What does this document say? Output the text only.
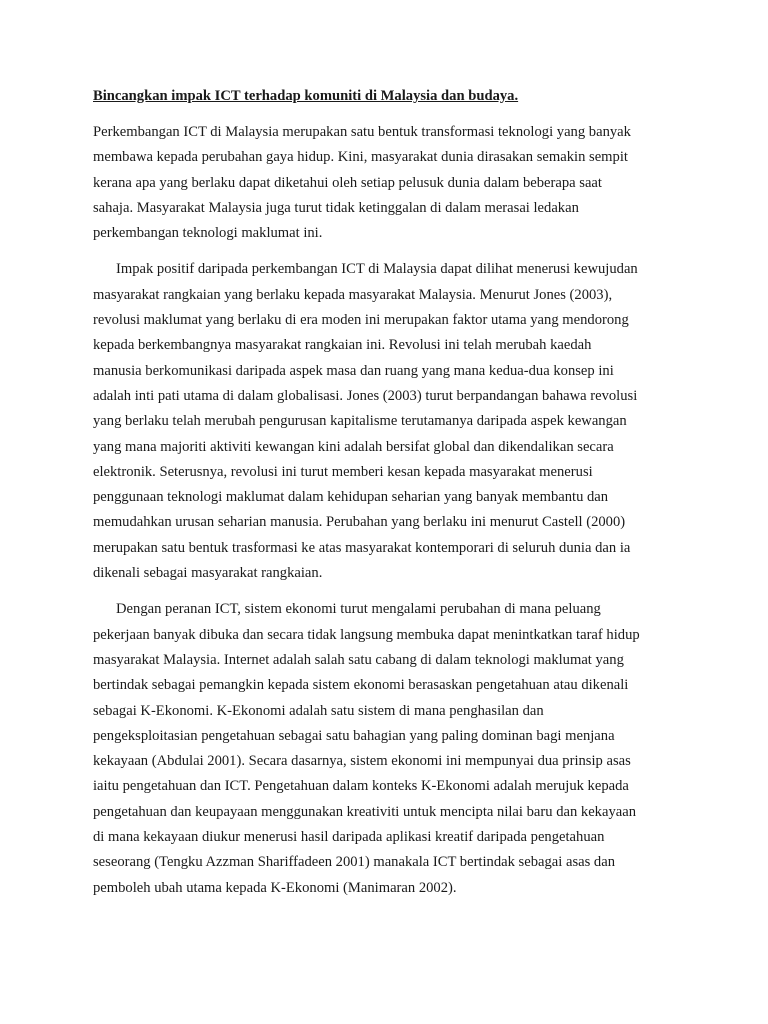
Bincangkan impak ICT terhadap komuniti di Malaysia dan budaya.
Perkembangan ICT di Malaysia merupakan satu bentuk transformasi teknologi yang banyak
membawa kepada perubahan gaya hidup. Kini, masyarakat dunia dirasakan semakin sempit
kerana apa yang berlaku dapat diketahui oleh setiap pelusuk dunia dalam beberapa saat
sahaja. Masyarakat Malaysia juga turut tidak ketinggalan di dalam merasai ledakan
perkembangan teknologi maklumat ini.
Impak positif daripada perkembangan ICT di Malaysia dapat dilihat menerusi kewujudan
masyarakat rangkaian yang berlaku kepada masyarakat Malaysia. Menurut Jones (2003),
revolusi maklumat yang berlaku di era moden ini merupakan faktor utama yang mendorong
kepada berkembangnya masyarakat rangkaian ini. Revolusi ini telah merubah kaedah
manusia berkomunikasi daripada aspek masa dan ruang yang mana kedua-dua konsep ini
adalah inti pati utama di dalam globalisasi. Jones (2003) turut berpandangan bahawa revolusi
yang berlaku telah merubah pengurusan kapitalisme terutamanya daripada aspek kewangan
yang mana majoriti aktiviti kewangan kini adalah bersifat global dan dikendalikan secara
elektronik. Seterusnya, revolusi ini turut memberi kesan kepada masyarakat menerusi
penggunaan teknologi maklumat dalam kehidupan seharian yang banyak membantu dan
memudahkan urusan seharian manusia. Perubahan yang berlaku ini menurut Castell (2000)
merupakan satu bentuk trasformasi ke atas masyarakat kontemporari di seluruh dunia dan ia
dikenali sebagai masyarakat rangkaian.
Dengan peranan ICT, sistem ekonomi turut mengalami perubahan di mana peluang
pekerjaan banyak dibuka dan secara tidak langsung membuka dapat menintkatkan taraf hidup
masyarakat Malaysia. Internet adalah salah satu cabang di dalam teknologi maklumat yang
bertindak sebagai pemangkin kepada sistem ekonomi berasaskan pengetahuan atau dikenali
sebagai K-Ekonomi. K-Ekonomi adalah satu sistem di mana penghasilan dan
pengeksploitasian pengetahuan sebagai satu bahagian yang paling dominan bagi menjana
kekayaan (Abdulai 2001). Secara dasarnya, sistem ekonomi ini mempunyai dua prinsip asas
iaitu pengetahuan dan ICT. Pengetahuan dalam konteks K-Ekonomi adalah merujuk kepada
pengetahuan dan keupayaan menggunakan kreativiti untuk mencipta nilai baru dan kekayaan
di mana kekayaan diukur menerusi hasil daripada aplikasi kreatif daripada pengetahuan
seseorang (Tengku Azzman Shariffadeen 2001) manakala ICT bertindak sebagai asas dan
pemboleh ubah utama kepada K-Ekonomi (Manimaran 2002).
